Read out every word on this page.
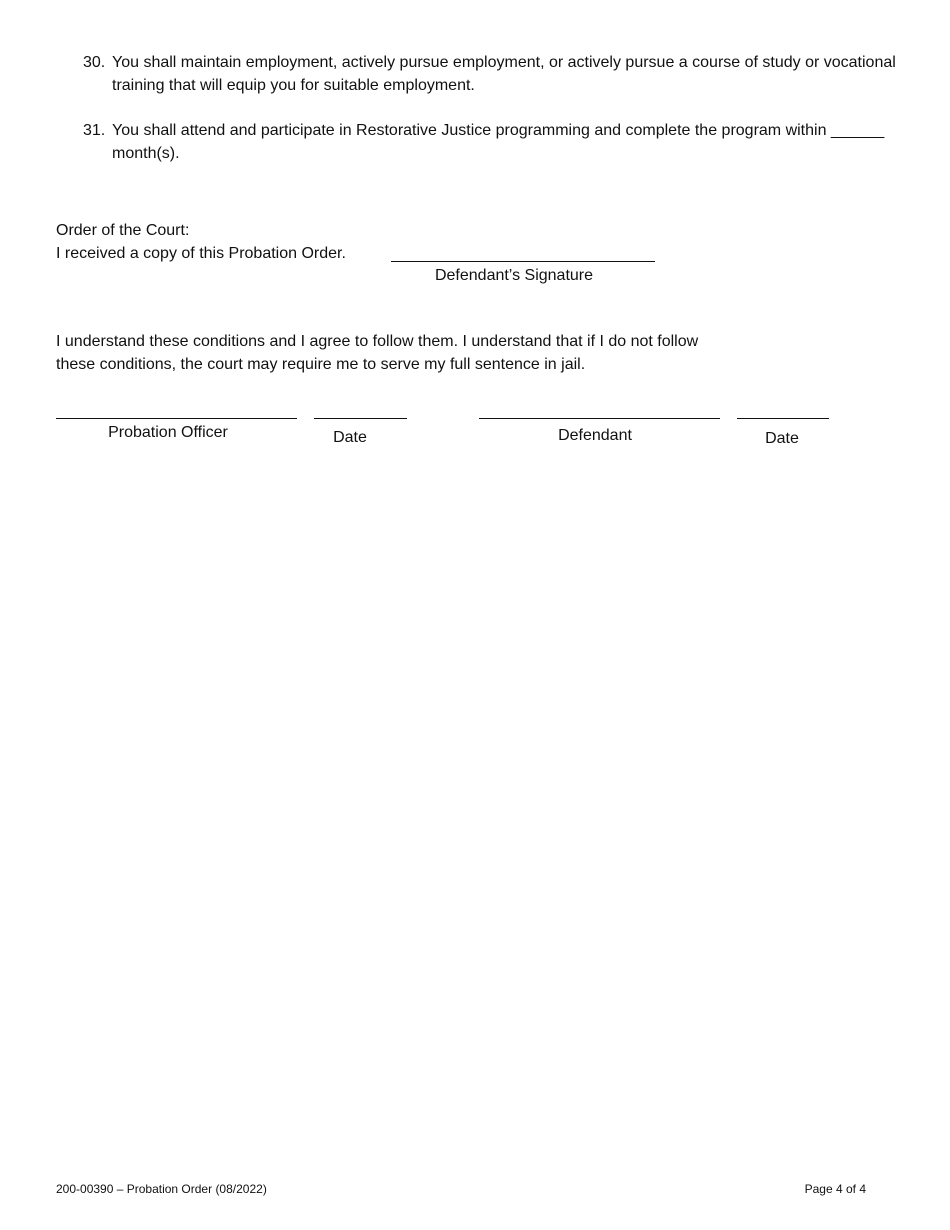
30. You shall maintain employment, actively pursue employment, or actively pursue a course of study or vocational training that will equip you for suitable employment.
31. You shall attend and participate in Restorative Justice programming and complete the program within ______ month(s).
Order of the Court:
I received a copy of this Probation Order.
Defendant’s Signature
I understand these conditions and I agree to follow them. I understand that if I do not follow
these conditions, the court may require me to serve my full sentence in jail.
Probation Officer	Date	Defendant	Date
200-00390 – Probation Order (08/2022)	Page 4 of 4
